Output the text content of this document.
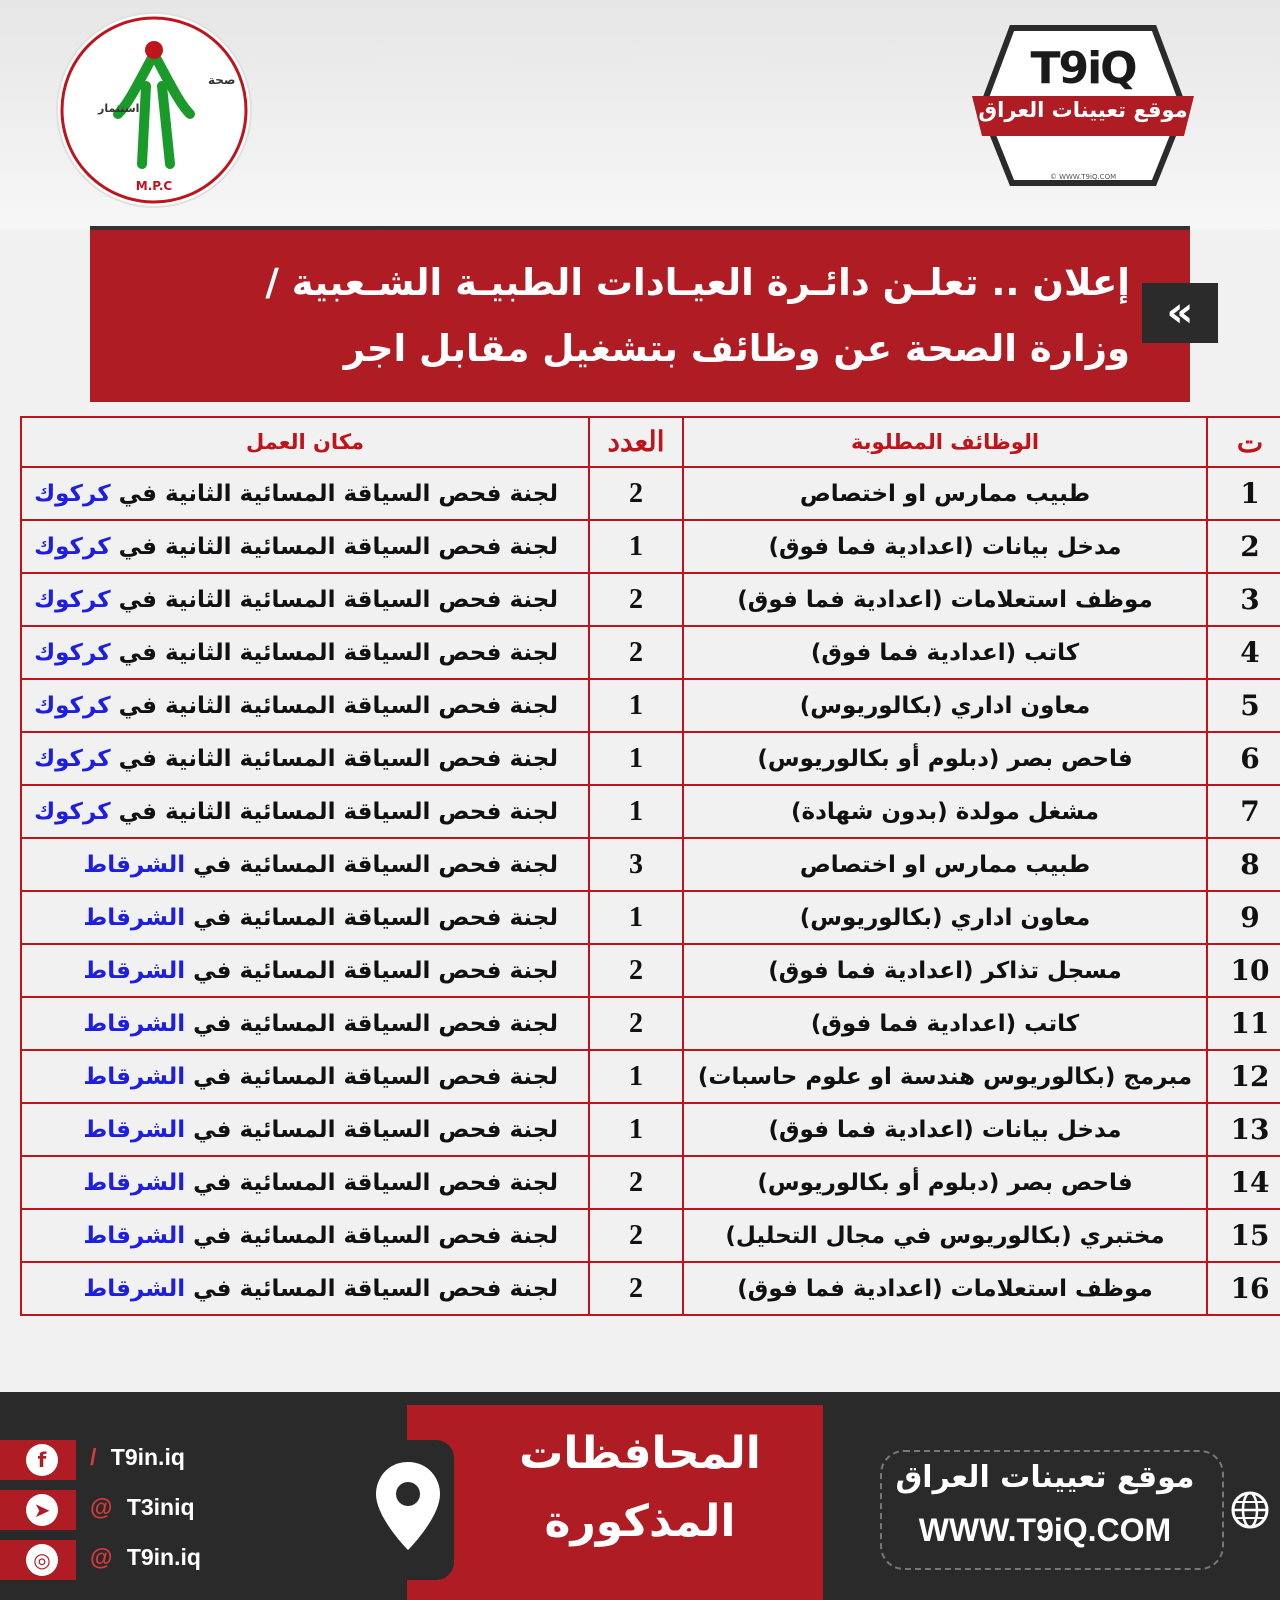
صحة
استثمار
M.P.C
T9iQ
موقع تعيينات العراق
© WWW.T9iQ.COM
إعلان .. تعلـن دائـرة العيـادات الطبيـة الشـعبية /
وزارة الصحة عن وظائف بتشغيل مقابل اجر
«
ت	الوظائف المطلوبة	العدد	مكان العمل
1	طبيب ممارس او اختصاص	2	لجنة فحص السياقة المسائية الثانية في كركوك
2	مدخل بيانات (اعدادية فما فوق)	1	لجنة فحص السياقة المسائية الثانية في كركوك
3	موظف استعلامات (اعدادية فما فوق)	2	لجنة فحص السياقة المسائية الثانية في كركوك
4	كاتب (اعدادية فما فوق)	2	لجنة فحص السياقة المسائية الثانية في كركوك
5	معاون اداري (بكالوريوس)	1	لجنة فحص السياقة المسائية الثانية في كركوك
6	فاحص بصر (دبلوم أو بكالوريوس)	1	لجنة فحص السياقة المسائية الثانية في كركوك
7	مشغل مولدة (بدون شهادة)	1	لجنة فحص السياقة المسائية الثانية في كركوك
8	طبيب ممارس او اختصاص	3	لجنة فحص السياقة المسائية في الشرقاط
9	معاون اداري (بكالوريوس)	1	لجنة فحص السياقة المسائية في الشرقاط
10	مسجل تذاكر (اعدادية فما فوق)	2	لجنة فحص السياقة المسائية في الشرقاط
11	كاتب (اعدادية فما فوق)	2	لجنة فحص السياقة المسائية في الشرقاط
12	مبرمج (بكالوريوس هندسة او علوم حاسبات)	1	لجنة فحص السياقة المسائية في الشرقاط
13	مدخل بيانات (اعدادية فما فوق)	1	لجنة فحص السياقة المسائية في الشرقاط
14	فاحص بصر (دبلوم أو بكالوريوس)	2	لجنة فحص السياقة المسائية في الشرقاط
15	مختبري (بكالوريوس في مجال التحليل)	2	لجنة فحص السياقة المسائية في الشرقاط
16	موظف استعلامات (اعدادية فما فوق)	2	لجنة فحص السياقة المسائية في الشرقاط
المحافظات
المذكورة
f	/ T9in.iq
➤	@ T3iniq
◎	@ T9in.iq
موقع تعيينات العراق
WWW.T9iQ.COM
